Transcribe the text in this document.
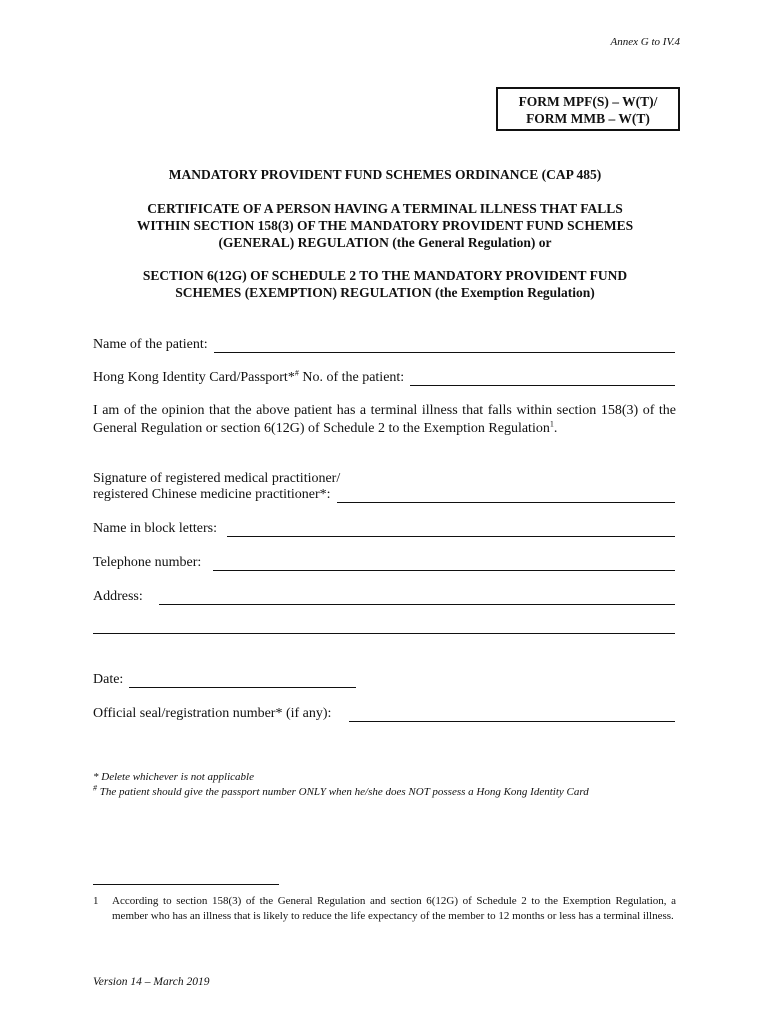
Annex G to IV.4
FORM MPF(S) – W(T)/
FORM MMB – W(T)
MANDATORY PROVIDENT FUND SCHEMES ORDINANCE (CAP 485)
CERTIFICATE OF A PERSON HAVING A TERMINAL ILLNESS THAT FALLS
WITHIN SECTION 158(3) OF THE MANDATORY PROVIDENT FUND SCHEMES
(GENERAL) REGULATION (the General Regulation) or
SECTION 6(12G) OF SCHEDULE 2 TO THE MANDATORY PROVIDENT FUND
SCHEMES (EXEMPTION) REGULATION (the Exemption Regulation)
Name of the patient:
Hong Kong Identity Card/Passport*# No. of the patient:
I am of the opinion that the above patient has a terminal illness that falls within section 158(3) of the General Regulation or section 6(12G) of Schedule 2 to the Exemption Regulation$^1$.
Signature of registered medical practitioner/
registered Chinese medicine practitioner*:
Name in block letters:
Telephone number:
Address:
Date:
Official seal/registration number* (if any):
* Delete whichever is not applicable
# The patient should give the passport number ONLY when he/she does NOT possess a Hong Kong Identity Card
1	According to section 158(3) of the General Regulation and section 6(12G) of Schedule 2 to the Exemption Regulation, a member who has an illness that is likely to reduce the life expectancy of the member to 12 months or less has a terminal illness.
Version 14 – March 2019
